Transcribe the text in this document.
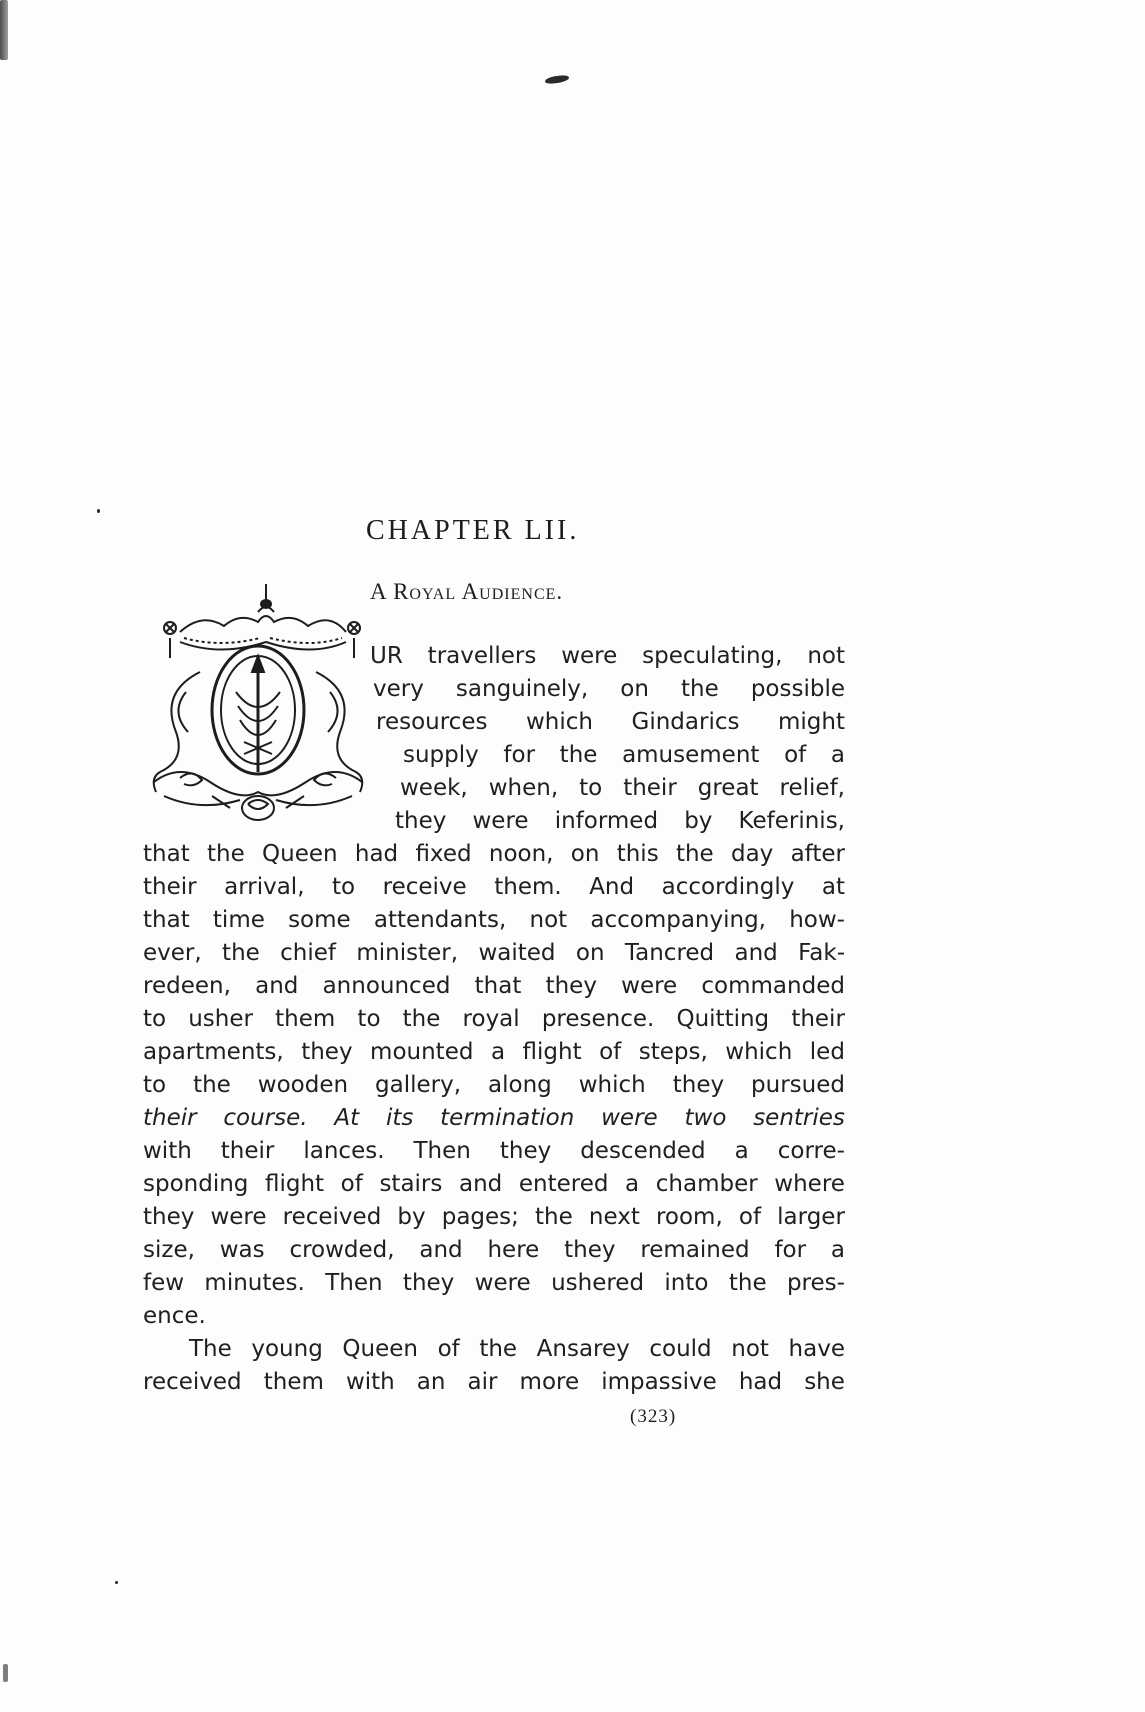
CHAPTER LII.
A Royal Audience.
UR travellers were speculating, not
very sanguinely, on the possible
resources which Gindarics might
supply for the amusement of a
week, when, to their great relief,
they were informed by Keferinis,
that the Queen had fixed noon, on this the day after
their arrival, to receive them. And accordingly at
that time some attendants, not accompanying, how-
ever, the chief minister, waited on Tancred and Fak-
redeen, and announced that they were commanded
to usher them to the royal presence. Quitting their
apartments, they mounted a flight of steps, which led
to the wooden gallery, along which they pursued
their course. At its termination were two sentries
with their lances. Then they descended a corre-
sponding flight of stairs and entered a chamber where
they were received by pages; the next room, of larger
size, was crowded, and here they remained for a
few minutes. Then they were ushered into the pres-
ence.
The young Queen of the Ansarey could not have
received them with an air more impassive had she
(323)
